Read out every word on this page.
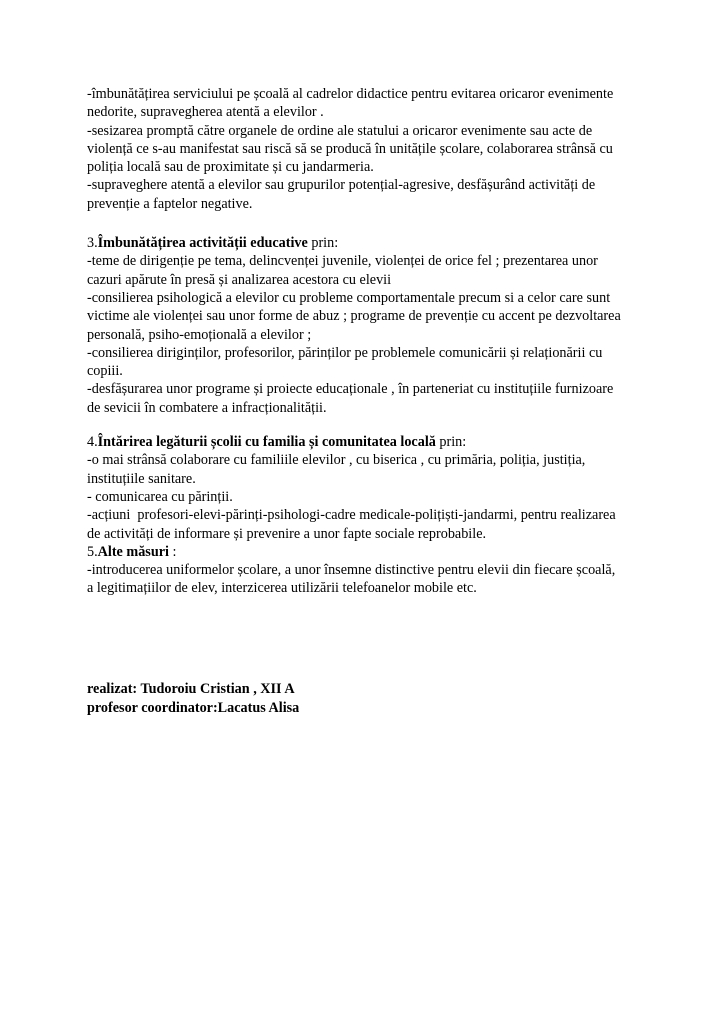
-îmbunătățirea serviciului pe școală al cadrelor didactice pentru evitarea oricaror evenimente
nedorite, supravegherea atentă a elevilor .
-sesizarea promptă către organele de ordine ale statului a oricaror evenimente sau acte de
violență ce s-au manifestat sau riscă să se producă în unitățile școlare, colaborarea strânsă cu
poliția locală sau de proximitate și cu jandarmeria.
-supraveghere atentă a elevilor sau grupurilor potențial-agresive, desfășurând activități de
prevenție a faptelor negative.
3.Îmbunătățirea activității educative prin:
-teme de dirigenție pe tema, delincvenței juvenile, violenței de orice fel ; prezentarea unor
cazuri apărute în presă și analizarea acestora cu elevii
-consilierea psihologică a elevilor cu probleme comportamentale precum si a celor care sunt
victime ale violenței sau unor forme de abuz ; programe de prevenție cu accent pe dezvoltarea
personală, psiho-emoțională a elevilor ;
-consilierea diriginților, profesorilor, părinților pe problemele comunicării și relaționării cu
copiii.
-desfășurarea unor programe și proiecte educaționale , în parteneriat cu instituțiile furnizoare
de sevicii în combatere a infracționalității.
4.Întărirea legăturii școlii cu familia și comunitatea locală prin:
-o mai strânsă colaborare cu familiile elevilor , cu biserica , cu primăria, poliția, justiția,
instituțiile sanitare.
- comunicarea cu părinții.
-acțiuni  profesori-elevi-părinți-psihologi-cadre medicale-polițiști-jandarmi, pentru realizarea
de activități de informare și prevenire a unor fapte sociale reprobabile.
5.Alte măsuri :
-introducerea uniformelor școlare, a unor însemne distinctive pentru elevii din fiecare școală,
a legitimațiilor de elev, interzicerea utilizării telefoanelor mobile etc.
realizat: Tudoroiu Cristian , XII A
profesor coordinator:Lacatus Alisa
